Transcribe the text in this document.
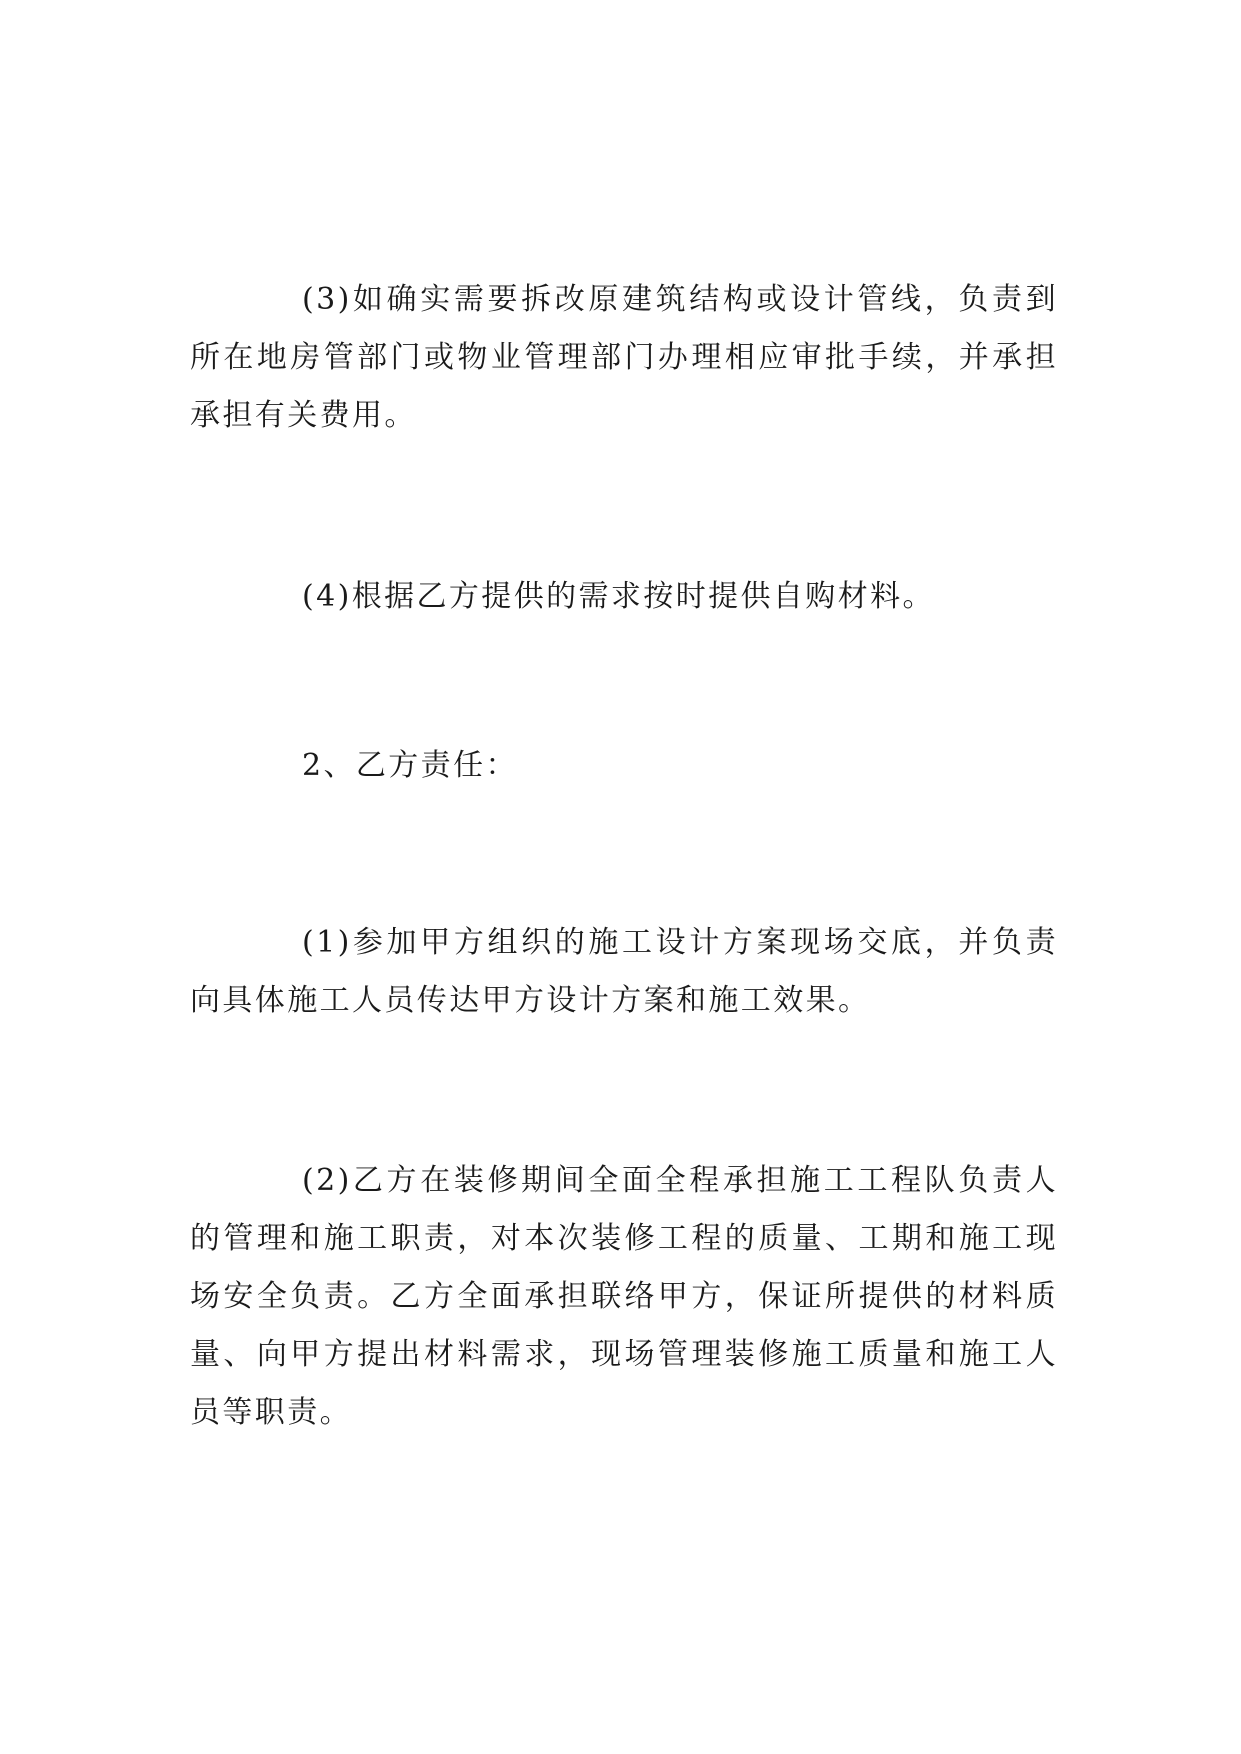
(3)如确实需要拆改原建筑结构或设计管线，负责到所在地房管部门或物业管理部门办理相应审批手续，并承担承担有关费用。

(4)根据乙方提供的需求按时提供自购材料。

2、乙方责任：

(1)参加甲方组织的施工设计方案现场交底，并负责向具体施工人员传达甲方设计方案和施工效果。

(2)乙方在装修期间全面全程承担施工工程队负责人的管理和施工职责，对本次装修工程的质量、工期和施工现场安全负责。乙方全面承担联络甲方，保证所提供的材料质量、向甲方提出材料需求，现场管理装修施工质量和施工人员等职责。
